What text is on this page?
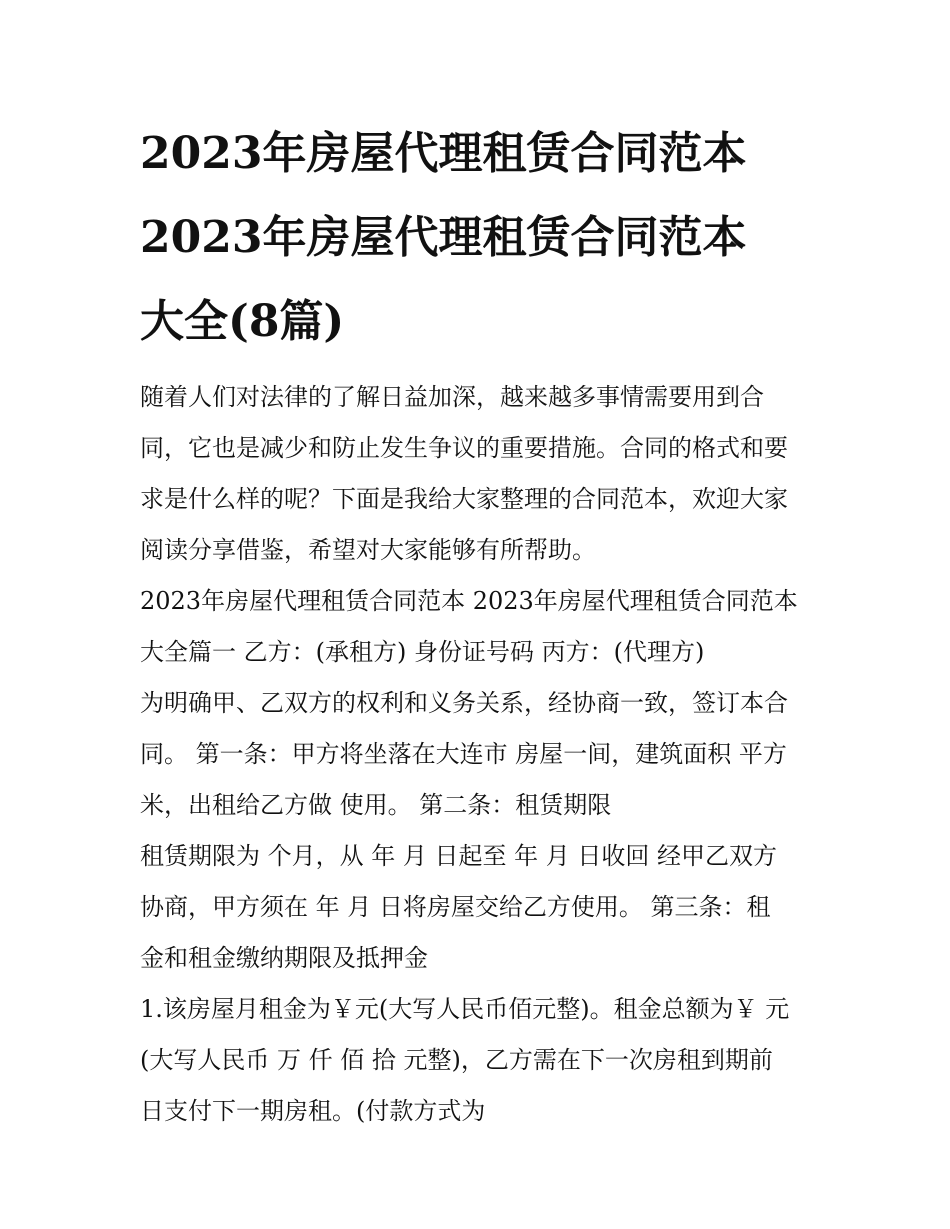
2023年房屋代理租赁合同范本
2023年房屋代理租赁合同范本
大全(8篇)

随着人们对法律的了解日益加深，越来越多事情需要用到合
同，它也是减少和防止发生争议的重要措施。合同的格式和要
求是什么样的呢？下面是我给大家整理的合同范本，欢迎大家
阅读分享借鉴，希望对大家能够有所帮助。

2023年房屋代理租赁合同范本 2023年房屋代理租赁合同范本
大全篇一 乙方：(承租方) 身份证号码 丙方：(代理方)

为明确甲、乙双方的权利和义务关系，经协商一致，签订本合
同。 第一条：甲方将坐落在大连市 房屋一间，建筑面积 平方
米，出租给乙方做 使用。 第二条：租赁期限

租赁期限为 个月，从 年 月 日起至 年 月 日收回 经甲乙双方
协商，甲方须在 年 月 日将房屋交给乙方使用。 第三条：租
金和租金缴纳期限及抵押金

1.该房屋月租金为￥元(大写人民币佰元整)。租金总额为￥ 元
(大写人民币 万 仟 佰 拾 元整)，乙方需在下一次房租到期前
日支付下一期房租。(付款方式为
